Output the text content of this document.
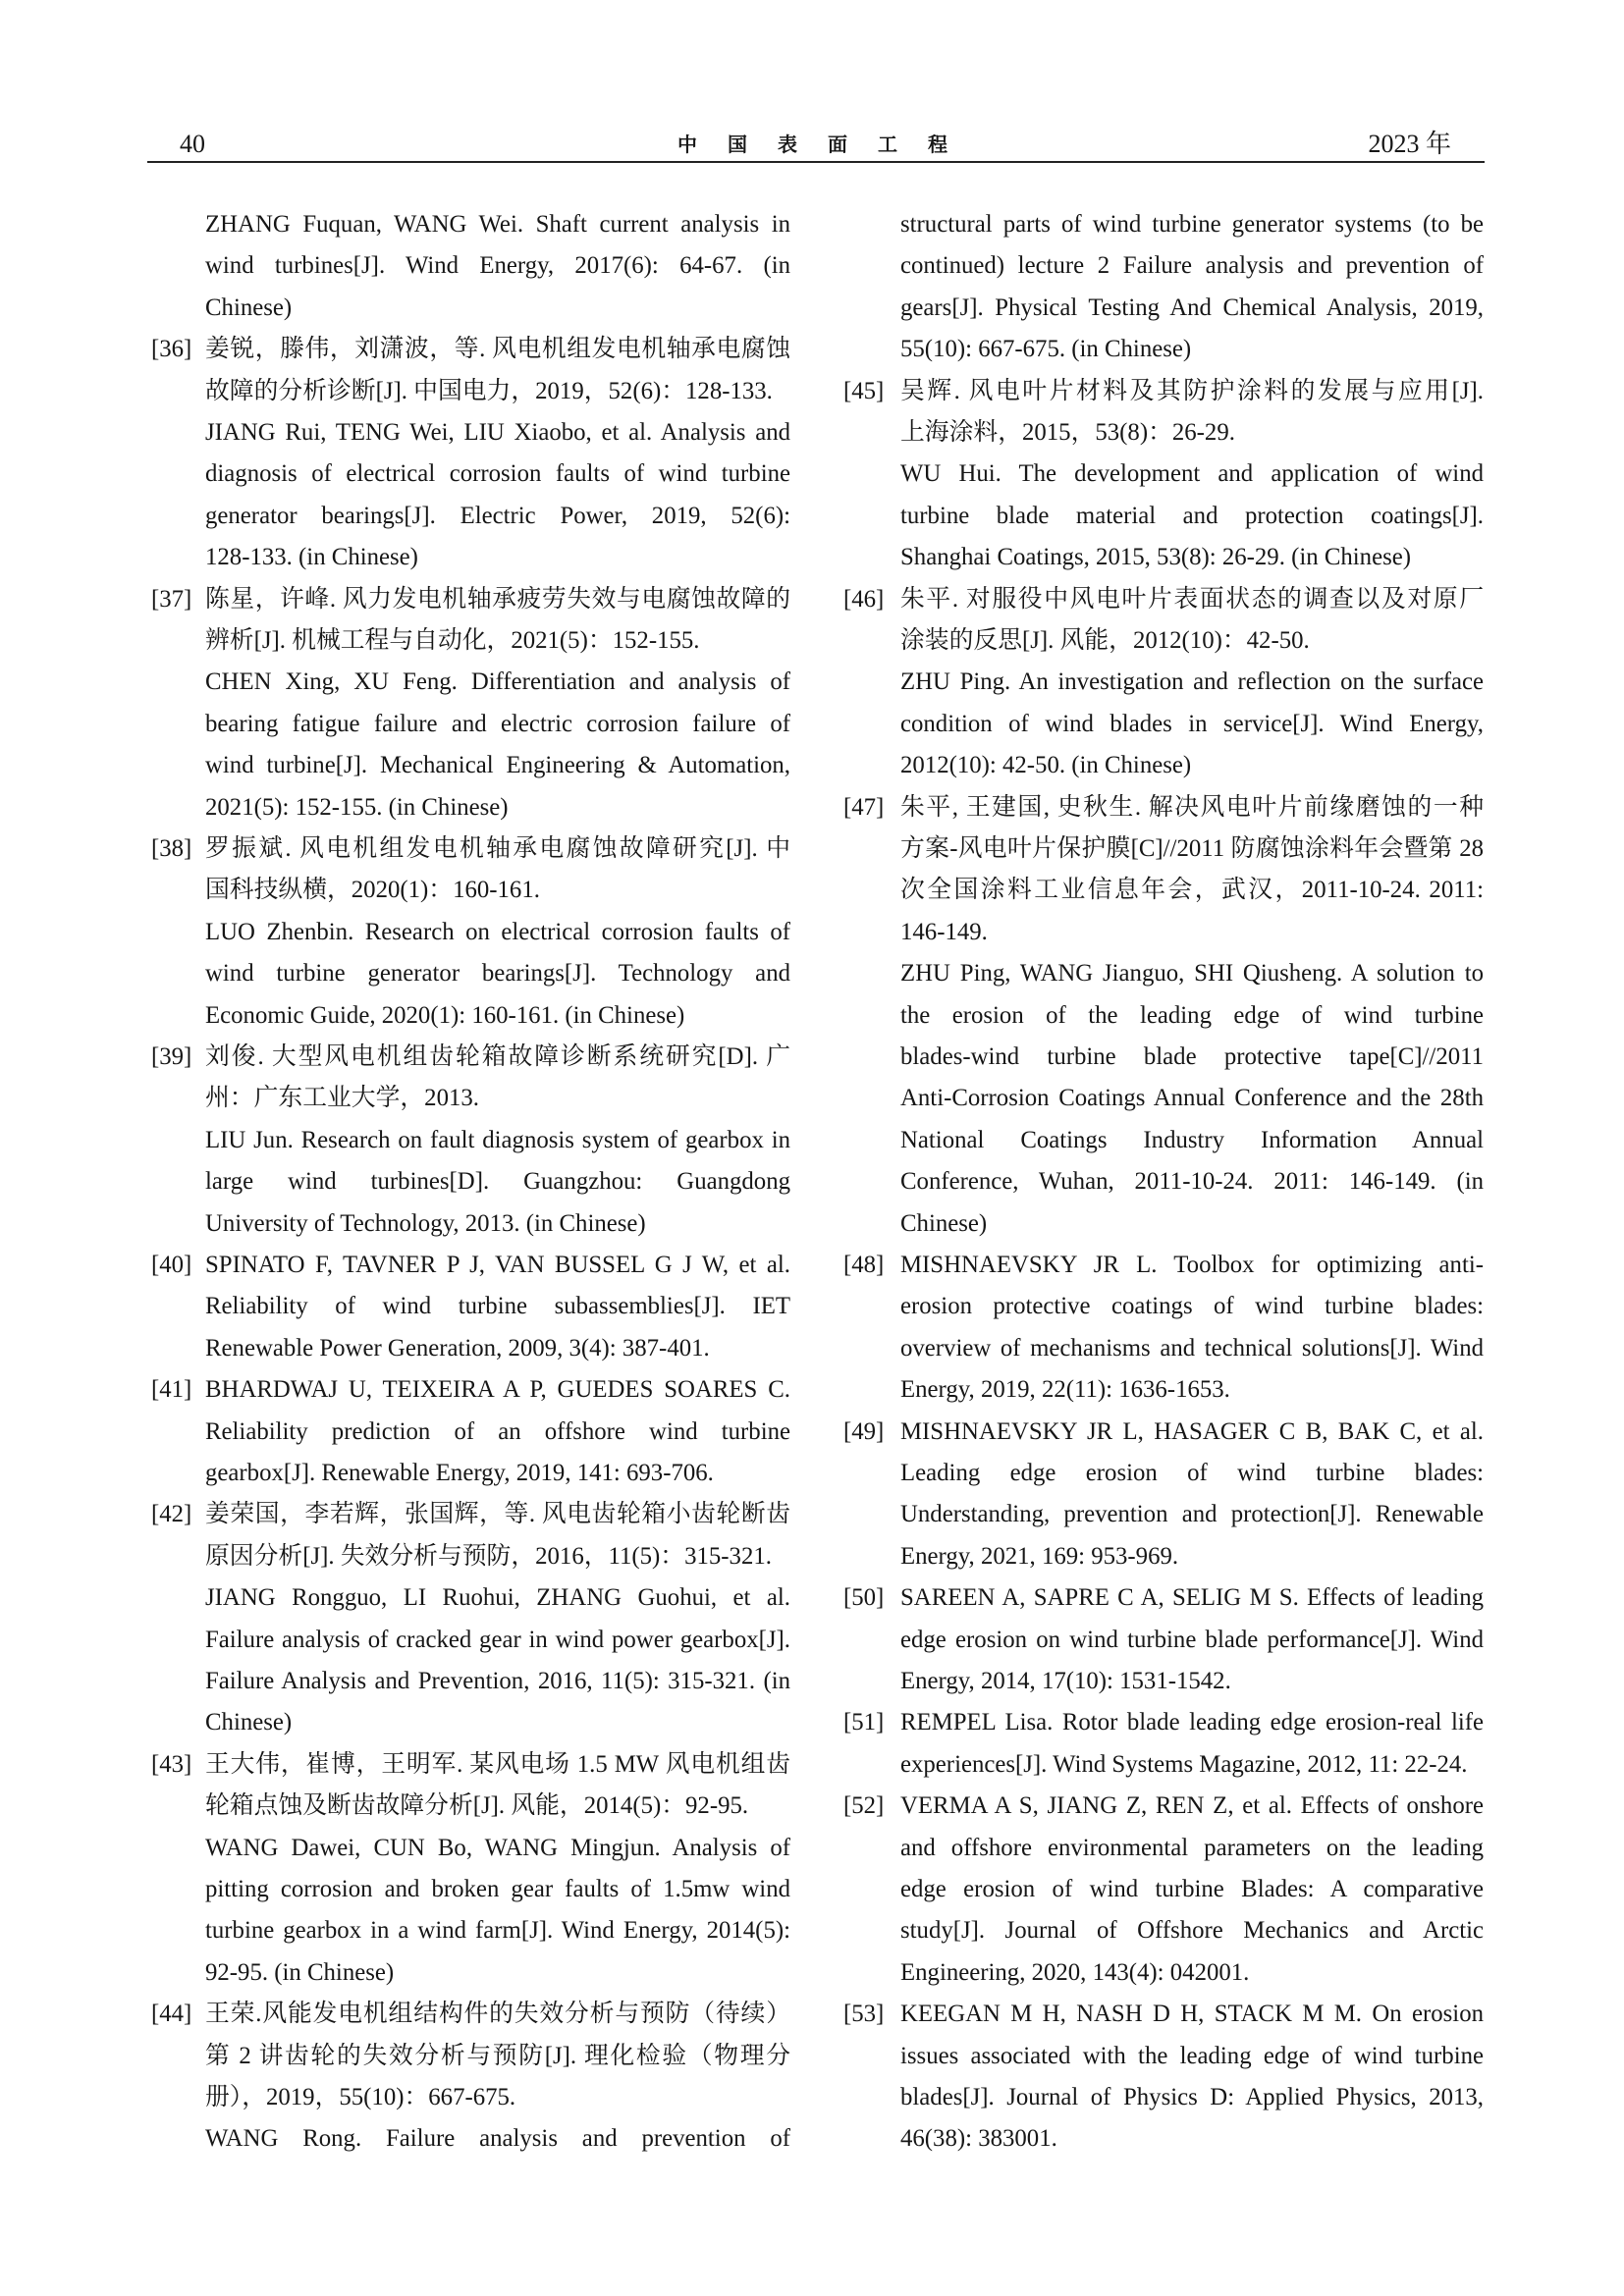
40	中国表面工程	2023 年
ZHANG Fuquan, WANG Wei. Shaft current analysis in
wind turbines[J]. Wind Energy, 2017(6): 64-67. (in
Chinese)
[36] 姜锐，滕伟，刘潇波，等. 风电机组发电机轴承电腐蚀
故障的分析诊断[J]. 中国电力，2019，52(6)：128-133.
JIANG Rui, TENG Wei, LIU Xiaobo, et al. Analysis and
diagnosis of electrical corrosion faults of wind turbine
generator bearings[J]. Electric Power, 2019, 52(6):
128-133. (in Chinese)
[37] 陈星，许峰. 风力发电机轴承疲劳失效与电腐蚀故障的
辨析[J]. 机械工程与自动化，2021(5)：152-155.
CHEN Xing, XU Feng. Differentiation and analysis of
bearing fatigue failure and electric corrosion failure of
wind turbine[J]. Mechanical Engineering & Automation,
2021(5): 152-155. (in Chinese)
[38] 罗振斌. 风电机组发电机轴承电腐蚀故障研究[J]. 中
国科技纵横，2020(1)：160-161.
LUO Zhenbin. Research on electrical corrosion faults of
wind turbine generator bearings[J]. Technology and
Economic Guide, 2020(1): 160-161. (in Chinese)
[39] 刘俊. 大型风电机组齿轮箱故障诊断系统研究[D]. 广
州：广东工业大学，2013.
LIU Jun. Research on fault diagnosis system of gearbox in
large wind turbines[D]. Guangzhou: Guangdong
University of Technology, 2013. (in Chinese)
[40] SPINATO F, TAVNER P J, VAN BUSSEL G J W, et al.
Reliability of wind turbine subassemblies[J]. IET
Renewable Power Generation, 2009, 3(4): 387-401.
[41] BHARDWAJ U, TEIXEIRA A P, GUEDES SOARES C.
Reliability prediction of an offshore wind turbine
gearbox[J]. Renewable Energy, 2019, 141: 693-706.
[42] 姜荣国，李若辉，张国辉，等. 风电齿轮箱小齿轮断齿
原因分析[J]. 失效分析与预防，2016，11(5)：315-321.
JIANG Rongguo, LI Ruohui, ZHANG Guohui, et al.
Failure analysis of cracked gear in wind power gearbox[J].
Failure Analysis and Prevention, 2016, 11(5): 315-321. (in
Chinese)
[43] 王大伟，崔博，王明军. 某风电场 1.5 MW 风电机组齿
轮箱点蚀及断齿故障分析[J]. 风能，2014(5)：92-95.
WANG Dawei, CUN Bo, WANG Mingjun. Analysis of
pitting corrosion and broken gear faults of 1.5mw wind
turbine gearbox in a wind farm[J]. Wind Energy, 2014(5):
92-95. (in Chinese)
[44] 王荣.风能发电机组结构件的失效分析与预防（待续）
第 2 讲齿轮的失效分析与预防[J]. 理化检验（物理分
册），2019，55(10)：667-675.
WANG Rong. Failure analysis and prevention of
structural parts of wind turbine generator systems (to be
continued) lecture 2 Failure analysis and prevention of
gears[J]. Physical Testing And Chemical Analysis, 2019,
55(10): 667-675. (in Chinese)
[45] 吴辉. 风电叶片材料及其防护涂料的发展与应用[J].
上海涂料，2015，53(8)：26-29.
WU Hui. The development and application of wind
turbine blade material and protection coatings[J].
Shanghai Coatings, 2015, 53(8): 26-29. (in Chinese)
[46] 朱平. 对服役中风电叶片表面状态的调查以及对原厂
涂装的反思[J]. 风能，2012(10)：42-50.
ZHU Ping. An investigation and reflection on the surface
condition of wind blades in service[J]. Wind Energy,
2012(10): 42-50. (in Chinese)
[47] 朱平, 王建国, 史秋生. 解决风电叶片前缘磨蚀的一种
方案-风电叶片保护膜[C]//2011 防腐蚀涂料年会暨第 28
次全国涂料工业信息年会，武汉，2011-10-24. 2011:
146-149.
ZHU Ping, WANG Jianguo, SHI Qiusheng. A solution to
the erosion of the leading edge of wind turbine
blades-wind turbine blade protective tape[C]//2011
Anti-Corrosion Coatings Annual Conference and the 28th
National Coatings Industry Information Annual
Conference, Wuhan, 2011-10-24. 2011: 146-149. (in
Chinese)
[48] MISHNAEVSKY JR L. Toolbox for optimizing anti-
erosion protective coatings of wind turbine blades:
overview of mechanisms and technical solutions[J]. Wind
Energy, 2019, 22(11): 1636-1653.
[49] MISHNAEVSKY JR L, HASAGER C B, BAK C, et al.
Leading edge erosion of wind turbine blades:
Understanding, prevention and protection[J]. Renewable
Energy, 2021, 169: 953-969.
[50] SAREEN A, SAPRE C A, SELIG M S. Effects of leading
edge erosion on wind turbine blade performance[J]. Wind
Energy, 2014, 17(10): 1531-1542.
[51] REMPEL Lisa. Rotor blade leading edge erosion-real life
experiences[J]. Wind Systems Magazine, 2012, 11: 22-24.
[52] VERMA A S, JIANG Z, REN Z, et al. Effects of onshore
and offshore environmental parameters on the leading
edge erosion of wind turbine Blades: A comparative
study[J]. Journal of Offshore Mechanics and Arctic
Engineering, 2020, 143(4): 042001.
[53] KEEGAN M H, NASH D H, STACK M M. On erosion
issues associated with the leading edge of wind turbine
blades[J]. Journal of Physics D: Applied Physics, 2013,
46(38): 383001.
